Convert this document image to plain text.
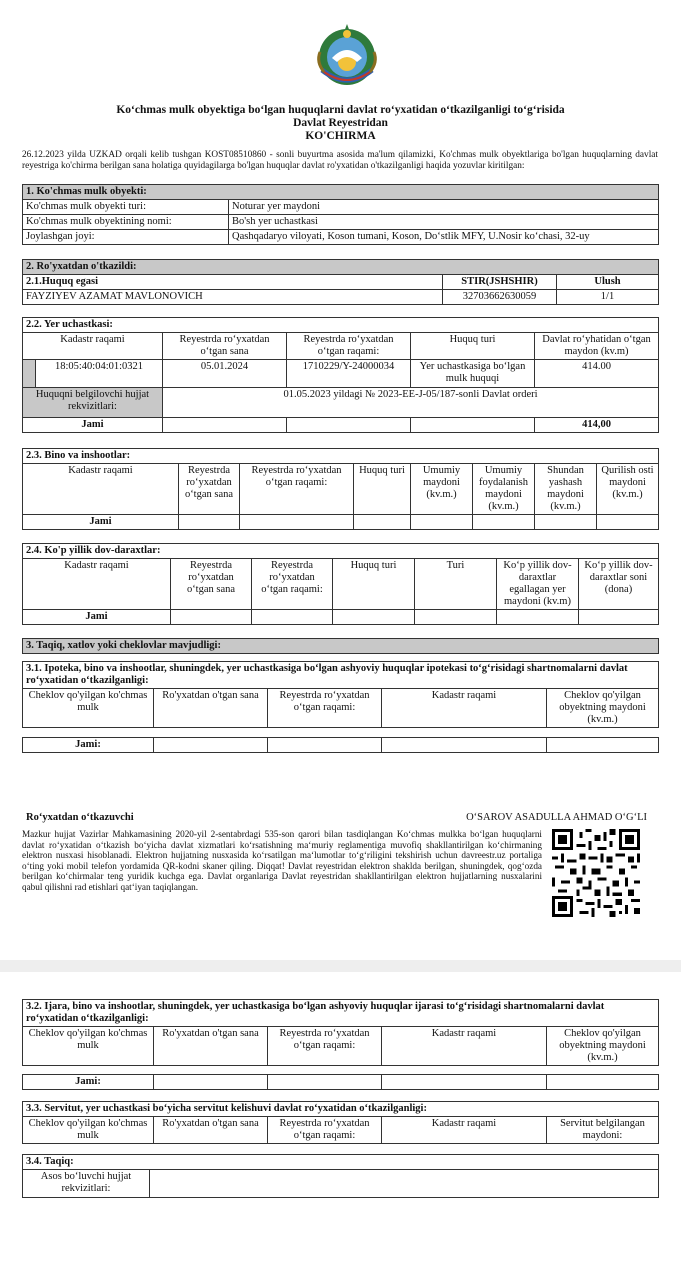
Ko‘chmas mulk obyektiga bo‘lgan huquqlarni davlat ro‘yxatidan o‘tkazilganligi to‘g‘risida
Davlat Reyestridan
KO'CHIRMA
26.12.2023 yilda UZKAD orqali kelib tushgan KOST08510860 - sonli buyurtma asosida ma'lum qilamizki, Ko'chmas mulk obyektlariga bo'lgan huquqlarning davlat reyestriga ko'chirma berilgan sana holatiga quyidagilarga bo'lgan huquqlar davlat ro'yxatidan o'tkazilganligi haqida yozuvlar kiritilgan:
1. Ko'chmas mulk obyekti:	
Ko'chmas mulk obyekti turi:	Noturar yer maydoni
Ko'chmas mulk obyektining nomi:	Bo'sh yer uchastkasi
Joylashgan joyi:	Qashqadaryo viloyati, Koson tumani, Koson, Do‘stlik MFY, U.Nosir ko‘chasi, 32-uy
2. Ro'yxatdan o'tkazildi:		
2.1.Huquq egasi	STIR(JSHSHIR)	Ulush
FAYZIYEV AZAMAT MAVLONOVICH	32703662630059	1/1
2.2. Yer uchastkasi:					
Kadastr raqami		Reyestrda ro‘yxatdan o‘tgan sana	Reyestrda ro‘yxatdan o‘tgan raqami:	Huquq turi	Davlat ro‘yhatidan o‘tgan maydon (kv.m)
	18:05:40:04:01:0321	05.01.2024	1710229/Y-24000034	Yer uchastkasiga bo‘lgan mulk huquqi	414.00
Huquqni belgilovchi hujjat rekvizitlari:		01.05.2023 yildagi № 2023-EE-J-05/187-sonli Davlat orderi			
Jami					414,00
2.3. Bino va inshootlar:							
Kadastr raqami	Reyestrda ro‘yxatdan o‘tgan sana	Reyestrda ro‘yxatdan o‘tgan raqami:	Huquq turi	Umumiy maydoni (kv.m.)	Umumiy foydalanish maydoni (kv.m.)	Shundan yashash maydoni (kv.m.)	Qurilish osti maydoni (kv.m.)
Jami							
2.4. Ko'p yillik dov-daraxtlar:						
Kadastr raqami	Reyestrda ro‘yxatdan o‘tgan sana	Reyestrda ro‘yxatdan o‘tgan raqami:	Huquq turi	Turi	Ko‘p yillik dov-daraxtlar egallagan yer maydoni (kv.m)	Ko‘p yillik dov-daraxtlar soni (dona)
Jami						
3. Taqiq, xatlov yoki cheklovlar mavjudligi:
3.1. Ipoteka, bino va inshootlar, shuningdek, yer uchastkasiga bo‘lgan ashyoviy huquqlar ipotekasi to‘g‘risidagi shartnomalarni davlat ro‘yxatidan o‘tkazilganligi:
Cheklov qo'yilgan ko'chmas mulk	Ro'yxatdan o'tgan sana	Reyestrda ro‘yxatdan o‘tgan raqami:	Kadastr raqami	Cheklov qo'yilgan obyektning maydoni (kv.m.)
Jami:				
Ro‘yxatdan o‘tkazuvchi	O‘SAROV ASADULLA AHMAD O‘G‘LI
Mazkur hujjat Vazirlar Mahkamasining 2020-yil 2-sentabrdagi 535-son qarori bilan tasdiqlangan Ko‘chmas mulkka bo‘lgan huquqlarni davlat ro‘yxatidan o‘tkazish bo‘yicha davlat xizmatlari ko‘rsatishning ma‘muriy reglamentiga muvofiq shakllantirilgan ko‘chirmaning elektron nusxasi hisoblanadi. Elektron hujjatning nusxasida ko‘rsatilgan ma‘lumotlar to‘g‘riligini tekshirish uchun davreestr.uz portaliga o‘ting yoki mobil telefon yordamida QR-kodni skaner qiling. Diqqat! Davlat reyestridan elektron shaklda berilgan, shuningdek, qog‘ozda berilgan ko‘chirmalar teng yuridik kuchga ega. Davlat organlariga Davlat reyestridan shakllantirilgan elektron hujjatlarning nusxalarini qabul qilishni rad etishlari qat‘iyan taqiqlangan.
3.2. Ijara, bino va inshootlar, shuningdek, yer uchastkasiga bo‘lgan ashyoviy huquqlar ijarasi to‘g‘risidagi shartnomalarni davlat ro‘yxatidan o‘tkazilganligi:
Cheklov qo'yilgan ko'chmas mulk	Ro'yxatdan o'tgan sana	Reyestrda ro‘yxatdan o‘tgan raqami:	Kadastr raqami	Cheklov qo'yilgan obyektning maydoni (kv.m.)
Jami:				
3.3. Servitut, yer uchastkasi bo‘yicha servitut kelishuvi davlat ro‘yxatidan o‘tkazilganligi:
Cheklov qo'yilgan ko'chmas mulk	Ro'yxatdan o'tgan sana	Reyestrda ro‘yxatdan o‘tgan raqami:	Kadastr raqami	Servitut belgilangan maydoni:
3.4. Taqiq:
Asos bo‘luvchi hujjat rekvizitlari:	
